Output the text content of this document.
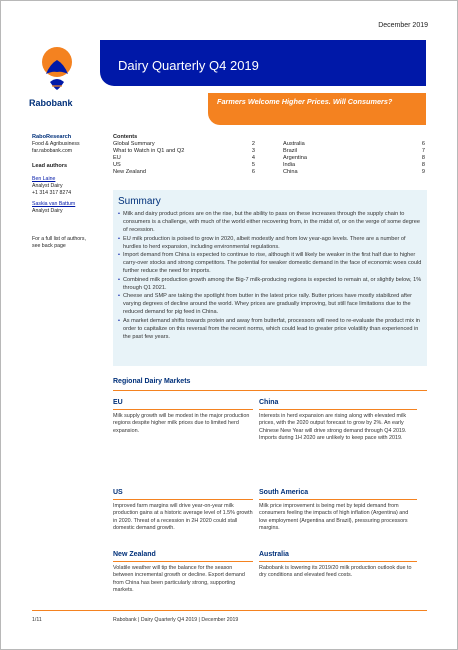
December 2019
Rabobank
Dairy Quarterly Q4 2019
Farmers Welcome Higher Prices. Will Consumers?
RaboResearch
Food & Agribusiness
far.rabobank.com
Lead authors
Ben Laine
Analyst Dairy
+1 314 317 8274
Saskia van Battum
Analyst Dairy
For a full list of authors, see back page
Contents
Global Summary	2
What to Watch in Q1 and Q2	3
EU	4
US	5
New Zealand	6
Australia	6
Brazil	7
Argentina	8
India	8
China	9
Summary
• Milk and dairy product prices are on the rise, but the ability to pass on these increases through the supply chain to consumers is a challenge, with much of the world either recovering from, in the midst of, or on the verge of some degree of recession.
• EU milk production is poised to grow in 2020, albeit modestly and from low year-ago levels. There are a number of hurdles to herd expansion, including environmental regulations.
• Import demand from China is expected to continue to rise, although it will likely be weaker in the first half due to higher carry-over stocks and strong competitors. The potential for weaker domestic demand in the face of economic woes could further reduce the need for imports.
• Combined milk production growth among the Big-7 milk-producing regions is expected to remain at, or slightly below, 1% through Q1 2021.
• Cheese and SMP are taking the spotlight from butter in the latest price rally. Butter prices have mostly stabilized after varying degrees of decline around the world. Whey prices are gradually improving, but still face limitations due to the reduced demand for pig feed in China.
• As market demand shifts towards protein and away from butterfat, processors will need to re-evaluate the product mix in order to capitalize on this reversal from the recent norms, which could lead to greater price volatility than experienced in the past few years.
Regional Dairy Markets
EU
Milk supply growth will be modest in the major production regions despite higher milk prices due to limited herd expansion.
China
Interests in herd expansion are rising along with elevated milk prices, with the 2020 output forecast to grow by 2%. An early Chinese New Year will drive strong demand through Q4 2019. Imports during 1H 2020 are unlikely to keep pace with 2019.
US
Improved farm margins will drive year-on-year milk production gains at a historic average level of 1.5% growth in 2020. Threat of a recession in 2H 2020 could stall domestic demand growth.
South America
Milk price improvement is being met by tepid demand from consumers feeling the impacts of high inflation (Argentina) and low employment (Argentina and Brazil), pressuring processors margins.
New Zealand
Volatile weather will tip the balance for the season between incremental growth or decline. Export demand from China has been particularly strong, supporting markets.
Australia
Rabobank is lowering its 2019/20 milk production outlook due to dry conditions and elevated feed costs.
1/11	Rabobank | Dairy Quarterly Q4 2019 | December 2019
